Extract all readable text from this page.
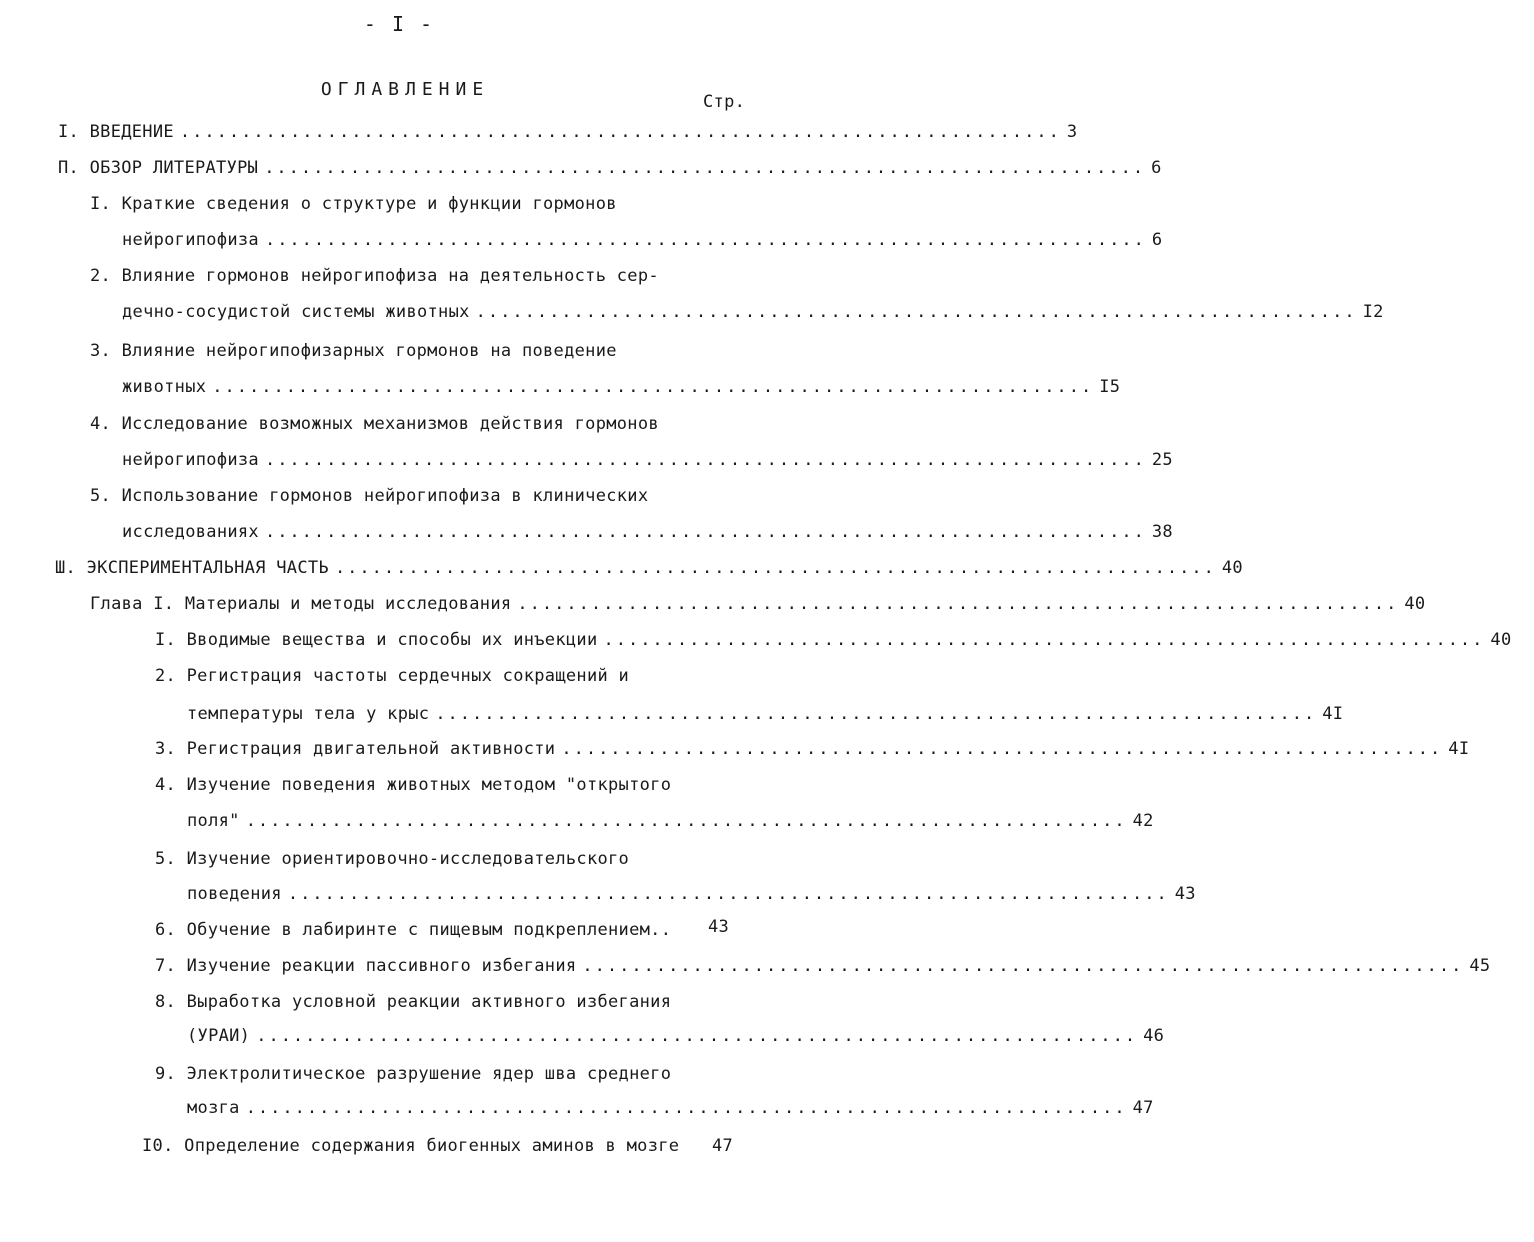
- I -
ОГЛАВЛЕНИЕ
Стр.
I. ВВЕДЕНИЕ ........................................................................ 3
П. ОБЗОР ЛИТЕРАТУРЫ ........................................................................ 6
I. Краткие сведения о структуре и функции гормонов
нейрогипофиза ........................................................................ 6
2. Влияние гормонов нейрогипофиза на деятельность сер-
дечно-сосудистой системы животных ........................................................................ I2
3. Влияние нейрогипофизарных гормонов на поведение
животных ........................................................................ I5
4. Исследование возможных механизмов действия гормонов
нейрогипофиза ........................................................................ 25
5. Использование гормонов нейрогипофиза в клинических
исследованиях ........................................................................ 38
Ш. ЭКСПЕРИМЕНТАЛЬНАЯ ЧАСТЬ ........................................................................ 40
Глава I. Материалы и методы исследования ........................................................................ 40
I. Вводимые вещества и способы их инъекции ........................................................................ 40
2. Регистрация частоты сердечных сокращений и
температуры тела у крыс ........................................................................ 4I
3. Регистрация двигательной активности ........................................................................ 4I
4. Изучение поведения животных методом "открытого
поля" ........................................................................ 42
5. Изучение ориентировочно-исследовательского
поведения ........................................................................ 43
6. Обучение в лабиринте с пищевым подкреплением.. 43
7. Изучение реакции пассивного избегания ........................................................................ 45
8. Выработка условной реакции активного избегания
(УРАИ) ........................................................................ 46
9. Электролитическое разрушение ядер шва среднего
мозга ........................................................................ 47
I0. Определение содержания биогенных аминов в мозге 47
